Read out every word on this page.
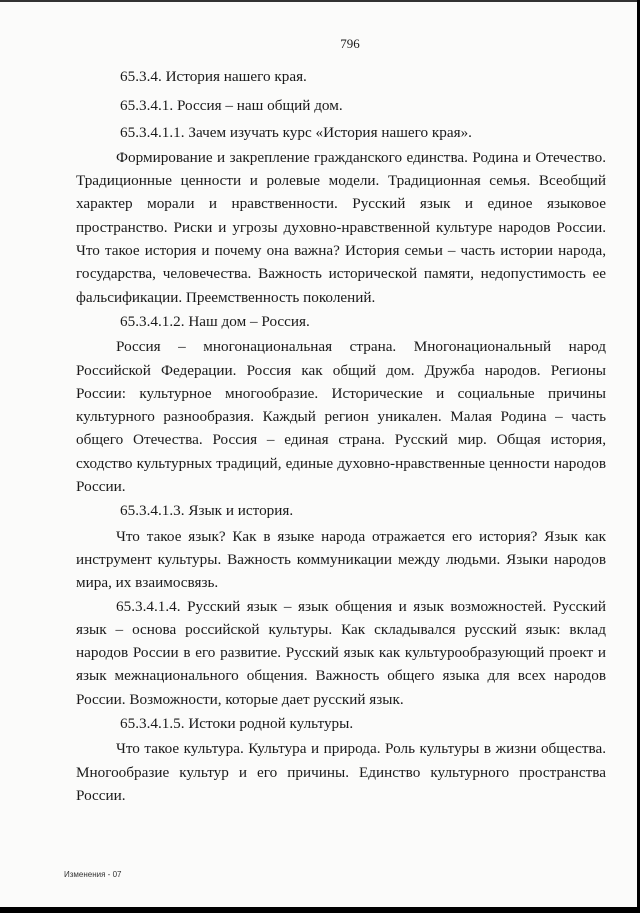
796

65.3.4. История нашего края.

65.3.4.1. Россия – наш общий дом.

65.3.4.1.1. Зачем изучать курс «История нашего края».

Формирование и закрепление гражданского единства. Родина и Отечество. Традиционные ценности и ролевые модели. Традиционная семья. Всеобщий характер морали и нравственности. Русский язык и единое языковое пространство. Риски и угрозы духовно-нравственной культуре народов России. Что такое история и почему она важна? История семьи – часть истории народа, государства, человечества. Важность исторической памяти, недопустимость ее фальсификации. Преемственность поколений.

65.3.4.1.2. Наш дом – Россия.

Россия – многонациональная страна. Многонациональный народ Российской Федерации. Россия как общий дом. Дружба народов. Регионы России: культурное многообразие. Исторические и социальные причины культурного разнообразия. Каждый регион уникален. Малая Родина – часть общего Отечества. Россия – единая страна. Русский мир. Общая история, сходство культурных традиций, единые духовно-нравственные ценности народов России.

65.3.4.1.3. Язык и история.

Что такое язык? Как в языке народа отражается его история? Язык как инструмент культуры. Важность коммуникации между людьми. Языки народов мира, их взаимосвязь.

65.3.4.1.4. Русский язык – язык общения и язык возможностей. Русский язык – основа российской культуры. Как складывался русский язык: вклад народов России в его развитие. Русский язык как культурообразующий проект и язык межнационального общения. Важность общего языка для всех народов России. Возможности, которые дает русский язык.

65.3.4.1.5. Истоки родной культуры.

Что такое культура. Культура и природа. Роль культуры в жизни общества. Многообразие культур и его причины. Единство культурного пространства России.

Изменения - 07
